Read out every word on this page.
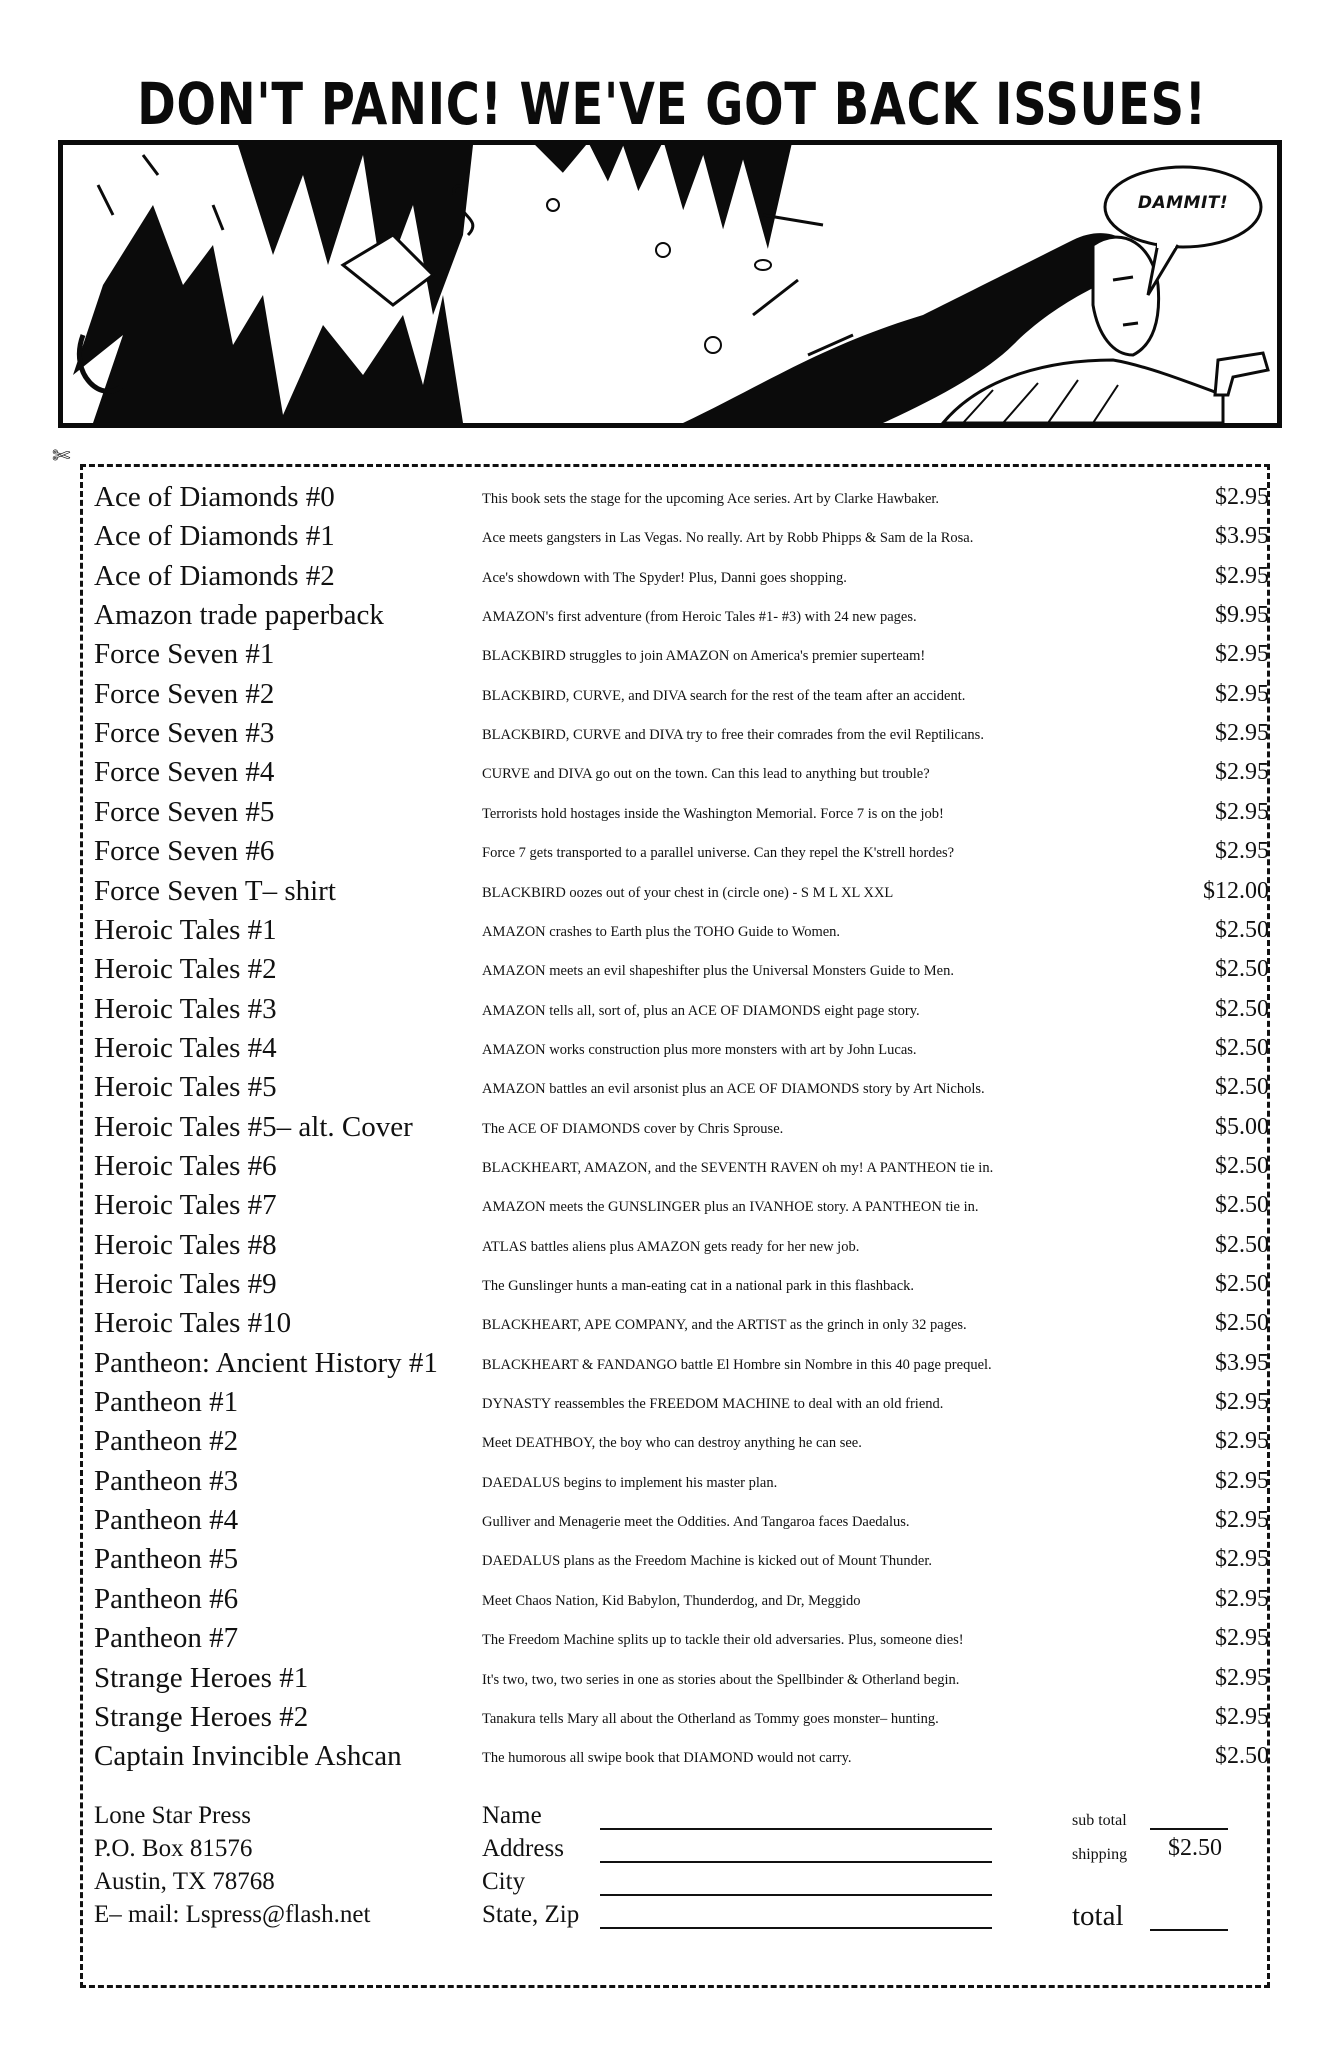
DON'T PANIC! WE'VE GOT BACK ISSUES!
DAMMIT!
✄
Ace of Diamonds #0	This book sets the stage for the upcoming Ace series. Art by Clarke Hawbaker.	$2.95
Ace of Diamonds #1	Ace meets gangsters in Las Vegas. No really. Art by Robb Phipps & Sam de la Rosa.	$3.95
Ace of Diamonds #2	Ace's showdown with The Spyder! Plus, Danni goes shopping.	$2.95
Amazon trade paperback	AMAZON's first adventure (from Heroic Tales #1- #3) with 24 new pages.	$9.95
Force Seven #1	BLACKBIRD struggles to join AMAZON on America's premier superteam!	$2.95
Force Seven #2	BLACKBIRD, CURVE, and DIVA search for the rest of the team after an accident.	$2.95
Force Seven #3	BLACKBIRD, CURVE and DIVA try to free their comrades from the evil Reptilicans.	$2.95
Force Seven #4	CURVE and DIVA go out on the town. Can this lead to anything but trouble?	$2.95
Force Seven #5	Terrorists hold hostages inside the Washington Memorial. Force 7 is on the job!	$2.95
Force Seven #6	Force 7 gets transported to a parallel universe. Can they repel the K'strell hordes?	$2.95
Force Seven T– shirt	BLACKBIRD oozes out of your chest in (circle one) - S M L XL XXL	$12.00
Heroic Tales #1	AMAZON crashes to Earth plus the TOHO Guide to Women.	$2.50
Heroic Tales #2	AMAZON meets an evil shapeshifter plus the Universal Monsters Guide to Men.	$2.50
Heroic Tales #3	AMAZON tells all, sort of, plus an ACE OF DIAMONDS eight page story.	$2.50
Heroic Tales #4	AMAZON works construction plus more monsters with art by John Lucas.	$2.50
Heroic Tales #5	AMAZON battles an evil arsonist plus an ACE OF DIAMONDS story by Art Nichols.	$2.50
Heroic Tales #5– alt. Cover	The ACE OF DIAMONDS cover by Chris Sprouse.	$5.00
Heroic Tales #6	BLACKHEART, AMAZON, and the SEVENTH RAVEN oh my! A PANTHEON tie in.	$2.50
Heroic Tales #7	AMAZON meets the GUNSLINGER plus an IVANHOE story. A PANTHEON tie in.	$2.50
Heroic Tales #8	ATLAS battles aliens plus AMAZON gets ready for her new job.	$2.50
Heroic Tales #9	The Gunslinger hunts a man-eating cat in a national park in this flashback.	$2.50
Heroic Tales #10	BLACKHEART, APE COMPANY, and the ARTIST as the grinch in only 32 pages.	$2.50
Pantheon: Ancient History #1	BLACKHEART & FANDANGO battle El Hombre sin Nombre in this 40 page prequel.	$3.95
Pantheon #1	DYNASTY reassembles the FREEDOM MACHINE to deal with an old friend.	$2.95
Pantheon #2	Meet DEATHBOY, the boy who can destroy anything he can see.	$2.95
Pantheon #3	DAEDALUS begins to implement his master plan.	$2.95
Pantheon #4	Gulliver and Menagerie meet the Oddities. And Tangaroa faces Daedalus.	$2.95
Pantheon #5	DAEDALUS plans as the Freedom Machine is kicked out of Mount Thunder.	$2.95
Pantheon #6	Meet Chaos Nation, Kid Babylon, Thunderdog, and Dr, Meggido	$2.95
Pantheon #7	The Freedom Machine splits up to tackle their old adversaries. Plus, someone dies!	$2.95
Strange Heroes #1	It's two, two, two series in one as stories about the Spellbinder & Otherland begin.	$2.95
Strange Heroes #2	Tanakura tells Mary all about the Otherland as Tommy goes monster– hunting.	$2.95
Captain Invincible Ashcan	The humorous all swipe book that DIAMOND would not carry.	$2.50
Lone Star Press
P.O. Box 81576
Austin, TX 78768
E– mail: Lspress@flash.net
Name
Address
City
State, Zip
sub total
shipping $2.50
total
